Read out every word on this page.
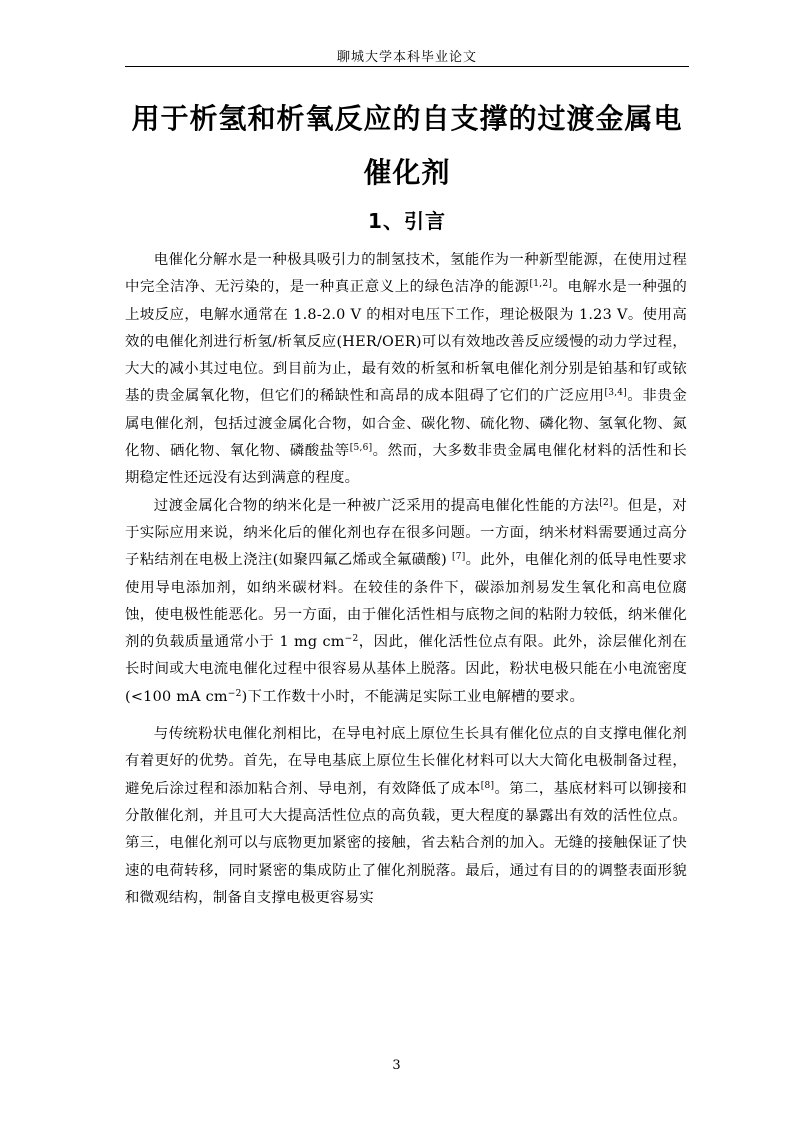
聊城大学本科毕业论文
用于析氢和析氧反应的自支撑的过渡金属电
催化剂
1、引言

电催化分解水是一种极具吸引力的制氢技术，氢能作为一种新型能源，在使用过程中完全洁净、无污染的，是一种真正意义上的绿色洁净的能源[1,2]。电解水是一种强的上坡反应，电解水通常在 1.8-2.0 V 的相对电压下工作，理论极限为 1.23 V。使用高效的电催化剂进行析氢/析氧反应(HER/OER)可以有效地改善反应缓慢的动力学过程，大大的减小其过电位。到目前为止，最有效的析氢和析氧电催化剂分别是铂基和钌或铱基的贵金属氧化物，但它们的稀缺性和高昂的成本阻碍了它们的广泛应用[3,4]。非贵金属电催化剂，包括过渡金属化合物，如合金、碳化物、硫化物、磷化物、氢氧化物、氮化物、硒化物、氧化物、磷酸盐等[5,6]。然而，大多数非贵金属电催化材料的活性和长期稳定性还远没有达到满意的程度。

过渡金属化合物的纳米化是一种被广泛采用的提高电催化性能的方法[2]。但是，对于实际应用来说，纳米化后的催化剂也存在很多问题。一方面，纳米材料需要通过高分子粘结剂在电极上浇注(如聚四氟乙烯或全氟磺酸) [7]。此外，电催化剂的低导电性要求使用导电添加剂，如纳米碳材料。在较佳的条件下，碳添加剂易发生氧化和高电位腐蚀，使电极性能恶化。另一方面，由于催化活性相与底物之间的粘附力较低，纳米催化剂的负载质量通常小于 1 mg $cm^{-2}$，因此，催化活性位点有限。此外，涂层催化剂在长时间或大电流电催化过程中很容易从基体上脱落。因此，粉状电极只能在小电流密度(<100 mA $cm^{-2}$)下工作数十小时，不能满足实际工业电解槽的要求。

与传统粉状电催化剂相比，在导电衬底上原位生长具有催化位点的自支撑电催化剂有着更好的优势。首先，在导电基底上原位生长催化材料可以大大简化电极制备过程，避免后涂过程和添加粘合剂、导电剂，有效降低了成本[8]。第二，基底材料可以铆接和分散催化剂，并且可大大提高活性位点的高负载，更大程度的暴露出有效的活性位点。第三，电催化剂可以与底物更加紧密的接触，省去粘合剂的加入。无缝的接触保证了快速的电荷转移，同时紧密的集成防止了催化剂脱落。最后，通过有目的的调整表面形貌和微观结构，制备自支撑电极更容易实

3
